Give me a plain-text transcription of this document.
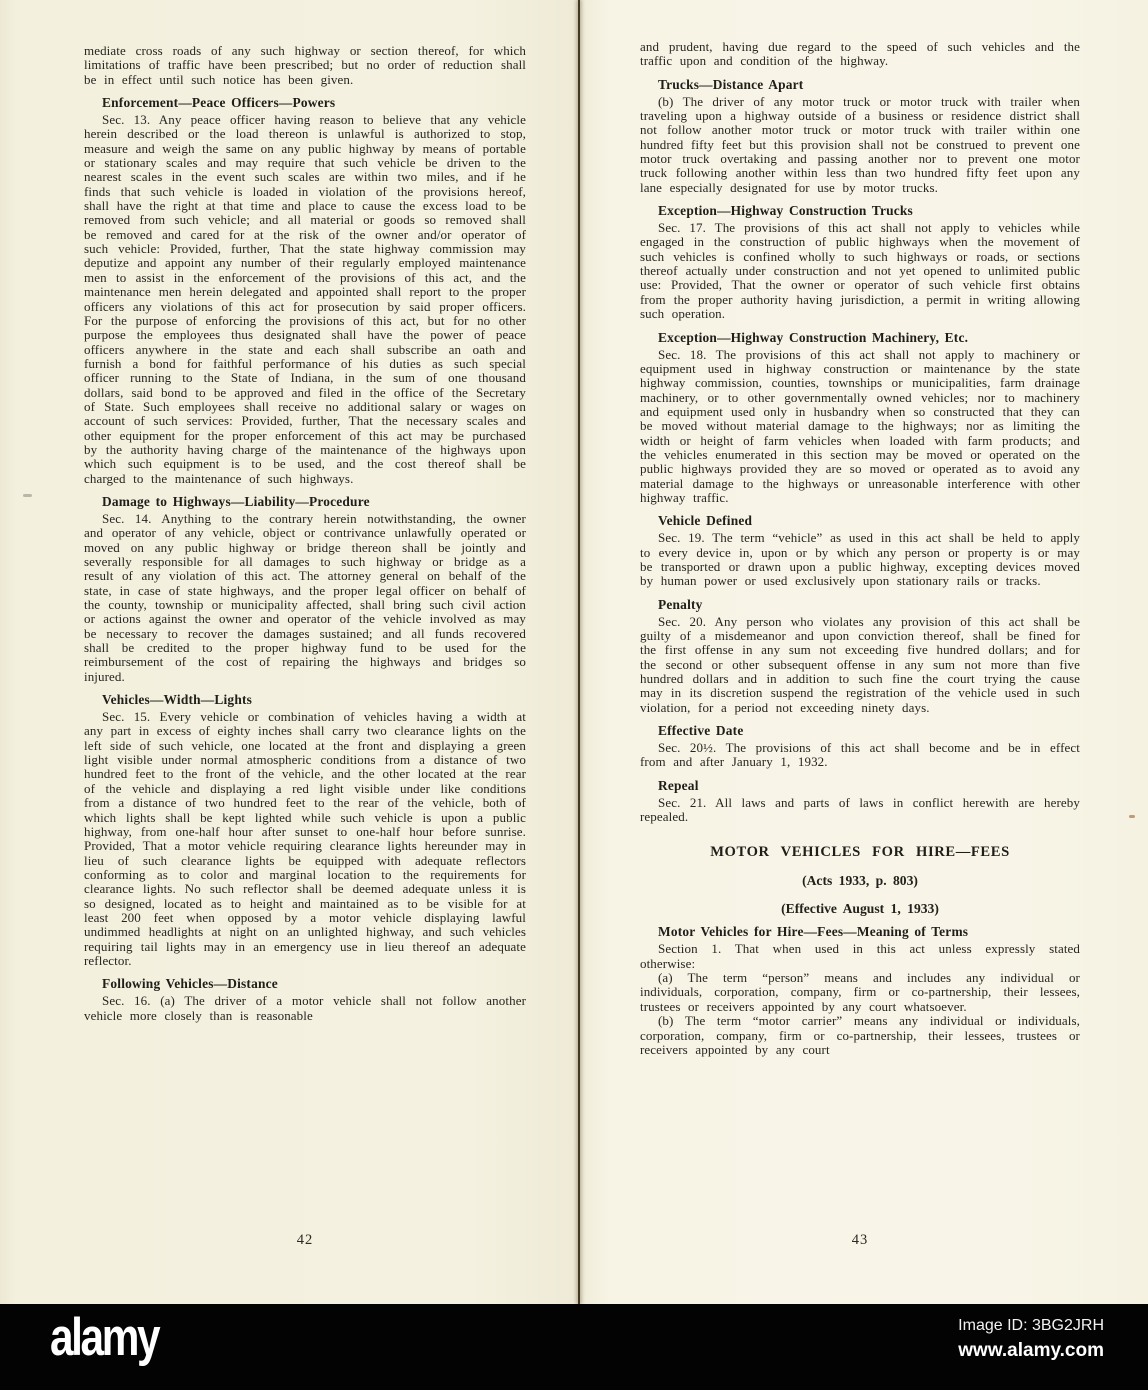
mediate cross roads of any such highway or section thereof, for which limitations of traffic have been prescribed; but no order of reduction shall be in effect until such notice has been given.

Enforcement—Peace Officers—Powers

Sec. 13. Any peace officer having reason to believe that any vehicle herein described or the load thereon is unlawful is authorized to stop, measure and weigh the same on any public highway by means of portable or stationary scales and may require that such vehicle be driven to the nearest scales in the event such scales are within two miles, and if he finds that such vehicle is loaded in violation of the provisions hereof, shall have the right at that time and place to cause the excess load to be removed from such vehicle; and all material or goods so removed shall be removed and cared for at the risk of the owner and/or operator of such vehicle: Provided, further, That the state highway commission may deputize and appoint any number of their regularly employed maintenance men to assist in the enforcement of the provisions of this act, and the maintenance men herein delegated and appointed shall report to the proper officers any violations of this act for prosecution by said proper officers. For the purpose of enforcing the provisions of this act, but for no other purpose the employees thus designated shall have the power of peace officers anywhere in the state and each shall subscribe an oath and furnish a bond for faithful performance of his duties as such special officer running to the State of Indiana, in the sum of one thousand dollars, said bond to be approved and filed in the office of the Secretary of State. Such employees shall receive no additional salary or wages on account of such services: Provided, further, That the necessary scales and other equipment for the proper enforcement of this act may be purchased by the authority having charge of the maintenance of the highways upon which such equipment is to be used, and the cost thereof shall be charged to the maintenance of such highways.

Damage to Highways—Liability—Procedure

Sec. 14. Anything to the contrary herein notwithstanding, the owner and operator of any vehicle, object or contrivance unlawfully operated or moved on any public highway or bridge thereon shall be jointly and severally responsible for all damages to such highway or bridge as a result of any violation of this act. The attorney general on behalf of the state, in case of state highways, and the proper legal officer on behalf of the county, township or municipality affected, shall bring such civil action or actions against the owner and operator of the vehicle involved as may be necessary to recover the damages sustained; and all funds recovered shall be credited to the proper highway fund to be used for the reimbursement of the cost of repairing the highways and bridges so injured.

Vehicles—Width—Lights

Sec. 15. Every vehicle or combination of vehicles having a width at any part in excess of eighty inches shall carry two clearance lights on the left side of such vehicle, one located at the front and displaying a green light visible under normal atmospheric conditions from a distance of two hundred feet to the front of the vehicle, and the other located at the rear of the vehicle and displaying a red light visible under like conditions from a distance of two hundred feet to the rear of the vehicle, both of which lights shall be kept lighted while such vehicle is upon a public highway, from one-half hour after sunset to one-half hour before sunrise. Provided, That a motor vehicle requiring clearance lights hereunder may in lieu of such clearance lights be equipped with adequate reflectors conforming as to color and marginal location to the requirements for clearance lights. No such reflector shall be deemed adequate unless it is so designed, located as to height and maintained as to be visible for at least 200 feet when opposed by a motor vehicle displaying lawful undimmed headlights at night on an unlighted highway, and such vehicles requiring tail lights may in an emergency use in lieu thereof an adequate reflector.

Following Vehicles—Distance

Sec. 16. (a) The driver of a motor vehicle shall not follow another vehicle more closely than is reasonable

42

and prudent, having due regard to the speed of such vehicles and the traffic upon and condition of the highway.

Trucks—Distance Apart

(b) The driver of any motor truck or motor truck with trailer when traveling upon a highway outside of a business or residence district shall not follow another motor truck or motor truck with trailer within one hundred fifty feet but this provision shall not be construed to prevent one motor truck overtaking and passing another nor to prevent one motor truck following another within less than two hundred fifty feet upon any lane especially designated for use by motor trucks.

Exception—Highway Construction Trucks

Sec. 17. The provisions of this act shall not apply to vehicles while engaged in the construction of public highways when the movement of such vehicles is confined wholly to such highways or roads, or sections thereof actually under construction and not yet opened to unlimited public use: Provided, That the owner or operator of such vehicle first obtains from the proper authority having jurisdiction, a permit in writing allowing such operation.

Exception—Highway Construction Machinery, Etc.

Sec. 18. The provisions of this act shall not apply to machinery or equipment used in highway construction or maintenance by the state highway commission, counties, townships or municipalities, farm drainage machinery, or to other governmentally owned vehicles; nor to machinery and equipment used only in husbandry when so constructed that they can be moved without material damage to the highways; nor as limiting the width or height of farm vehicles when loaded with farm products; and the vehicles enumerated in this section may be moved or operated on the public highways provided they are so moved or operated as to avoid any material damage to the highways or unreasonable interference with other highway traffic.

Vehicle Defined

Sec. 19. The term “vehicle” as used in this act shall be held to apply to every device in, upon or by which any person or property is or may be transported or drawn upon a public highway, excepting devices moved by human power or used exclusively upon stationary rails or tracks.

Penalty

Sec. 20. Any person who violates any provision of this act shall be guilty of a misdemeanor and upon conviction thereof, shall be fined for the first offense in any sum not exceeding five hundred dollars; and for the second or other subsequent offense in any sum not more than five hundred dollars and in addition to such fine the court trying the cause may in its discretion suspend the registration of the vehicle used in such violation, for a period not exceeding ninety days.

Effective Date

Sec. 20½. The provisions of this act shall become and be in effect from and after January 1, 1932.

Repeal

Sec. 21. All laws and parts of laws in conflict herewith are hereby repealed.

MOTOR VEHICLES FOR HIRE—FEES

(Acts 1933, p. 803)

(Effective August 1, 1933)

Motor Vehicles for Hire—Fees—Meaning of Terms

Section 1. That when used in this act unless expressly stated otherwise:

(a) The term “person” means and includes any individual or individuals, corporation, company, firm or co-partnership, their lessees, trustees or receivers appointed by any court whatsoever.

(b) The term “motor carrier” means any individual or individuals, corporation, company, firm or co-partnership, their lessees, trustees or receivers appointed by any court

43
alamy	Image ID: 3BG2JRH

www.alamy.com
